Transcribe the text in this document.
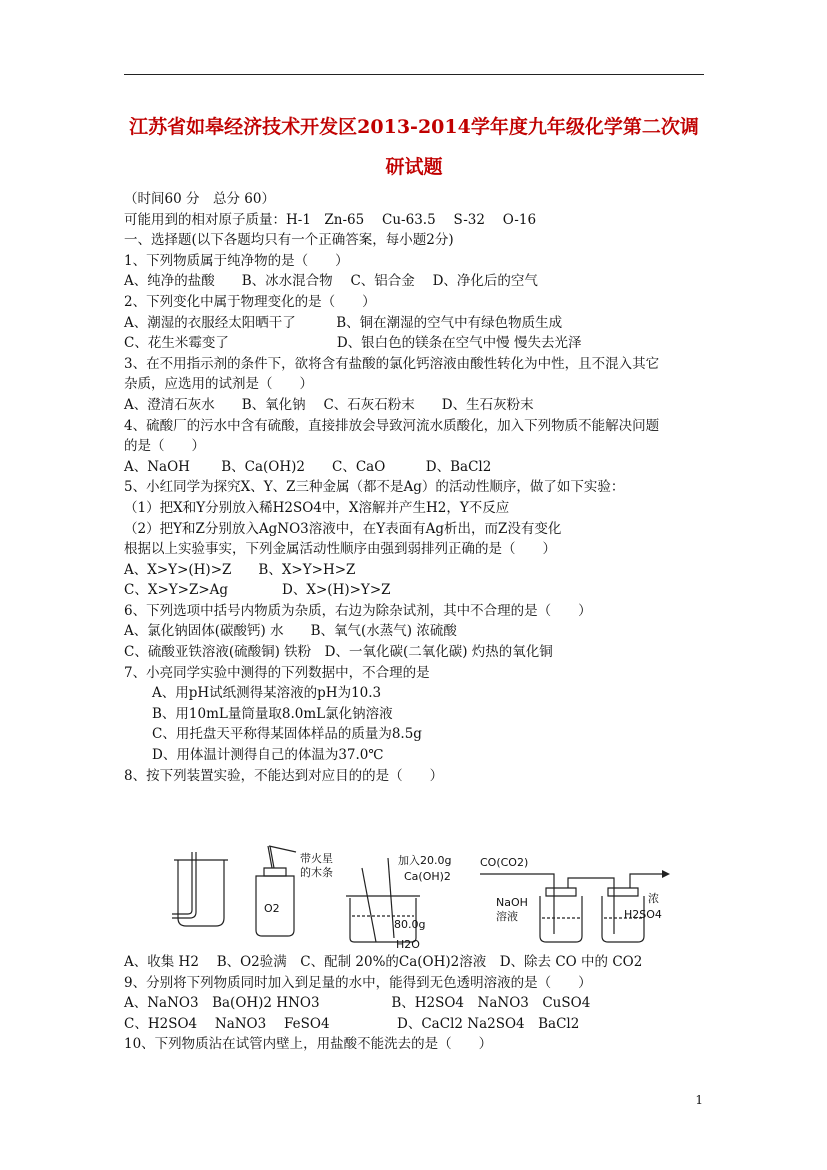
江苏省如皋经济技术开发区2013-2014学年度九年级化学第二次调
研试题
（时间60 分　总分 60）
可能用到的相对原子质量：H-1　Zn-65　 Cu-63.5　 S-32　 O-16
一、选择题(以下各题均只有一个正确答案，每小题2分)
1、下列物质属于纯净物的是（　　）
A、纯净的盐酸　　B、冰水混合物　 C、铝合金　 D、净化后的空气
2、下列变化中属于物理变化的是（　　）
A、潮湿的衣服经太阳晒干了　　　B、铜在潮湿的空气中有绿色物质生成
C、花生米霉变了　　　　　　　　D、银白色的镁条在空气中慢 慢失去光泽
3、在不用指示剂的条件下，欲将含有盐酸的氯化钙溶液由酸性转化为中性，且不混入其它
杂质，应选用的试剂是（　　）
A、澄清石灰水　　B、氧化钠　 C、石灰石粉末　　D、生石灰粉末
4、硫酸厂的污水中含有硫酸，直接排放会导致河流水质酸化，加入下列物质不能解决问题
的是（　　）
A、NaOH　　 B、Ca(OH)2　　C、CaO　　　D、BaCl2
5、小红同学为探究X、Y、Z三种金属（都不是Ag）的活动性顺序，做了如下实验：
（1）把X和Y分别放入稀H2SO4中，X溶解并产生H2，Y不反应
（2）把Y和Z分别放入AgNO3溶液中，在Y表面有Ag析出，而Z没有变化
根据以上实验事实，下列金属活动性顺序由强到弱排列正确的是（　　）
A、X>Y>(H)>Z　　B、X>Y>H>Z
C、X>Y>Z>Ag　　　　D、X>(H)>Y>Z
6、下列选项中括号内物质为杂质，右边为除杂试剂，其中不合理的是（　　）
A、氯化钠固体(碳酸钙) 水　　B、氧气(水蒸气) 浓硫酸
C、硫酸亚铁溶液(硫酸铜) 铁粉　D、一氧化碳(二氧化碳) 灼热的氧化铜
7、小亮同学实验中测得的下列数据中，不合理的是
A、用pH试纸测得某溶液的pH为10.3
B、用10mL量筒量取8.0mL氯化钠溶液
C、用托盘天平称得某固体样品的质量为8.5g
D、用体温计测得自己的体温为37.0℃
8、按下列装置实验，不能达到对应目的的是（　　）
带火星
的木条
O2
加入20.0g
Ca(OH)2
80.0g
H2O
CO(CO2)
NaOH
溶液
浓
H2SO4
A、收集 H2　 B、O2验满　C、配制 20%的Ca(OH)2溶液　D、除去 CO 中的 CO2
9、分别将下列物质同时加入到足量的水中，能得到无色透明溶液的是（　　）
A、NaNO3　Ba(OH)2 HNO3　　　　　 B、H2SO4　NaNO3　CuSO4
C、H2SO4　 NaNO3　 FeSO4　　　　　D、CaCl2 Na2SO4　BaCl2
10、下列物质沾在试管内壁上，用盐酸不能洗去的是（　　）
1
